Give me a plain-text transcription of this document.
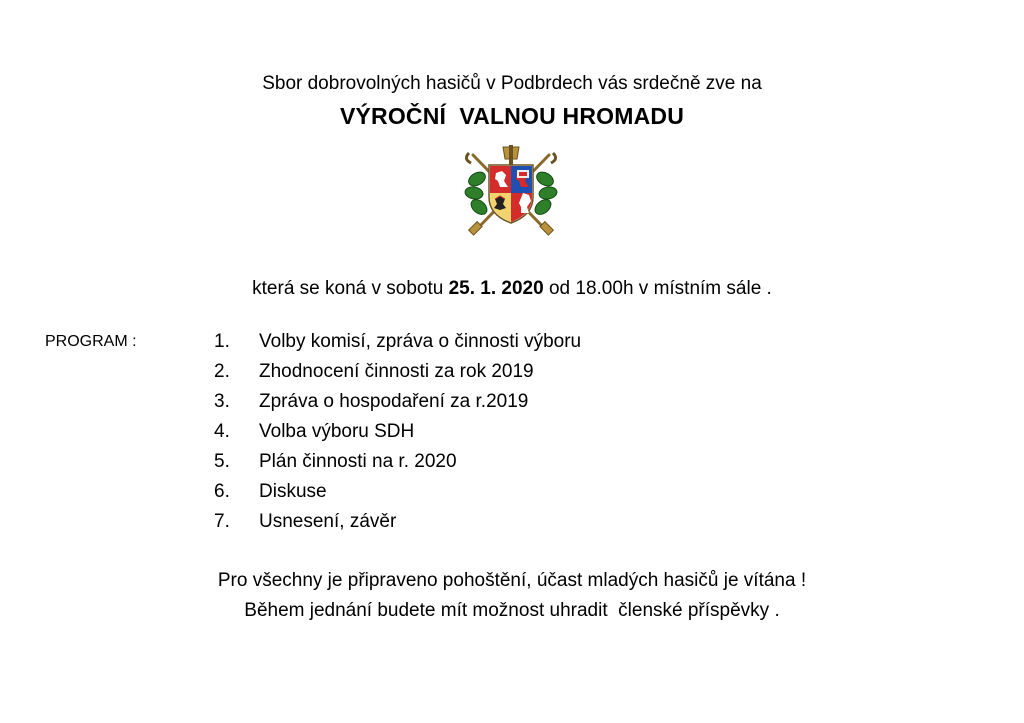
Sbor dobrovolných hasičů v Podbrdech vás srdečně zve na
VÝROČNÍ  VALNOU HROMADU
která se koná v sobotu 25. 1. 2020 od 18.00h v místním sále .
PROGRAM :	1. Volby komisí, zpráva o činnosti výboru
2. Zhodnocení činnosti za rok 2019
3. Zpráva o hospodaření za r.2019
4. Volba výboru SDH
5. Plán činnosti na r. 2020
6. Diskuse
7. Usnesení, závěr
Pro všechny je připraveno pohoštění, účast mladých hasičů je vítána !
Během jednání budete mít možnost uhradit  členské příspěvky .
